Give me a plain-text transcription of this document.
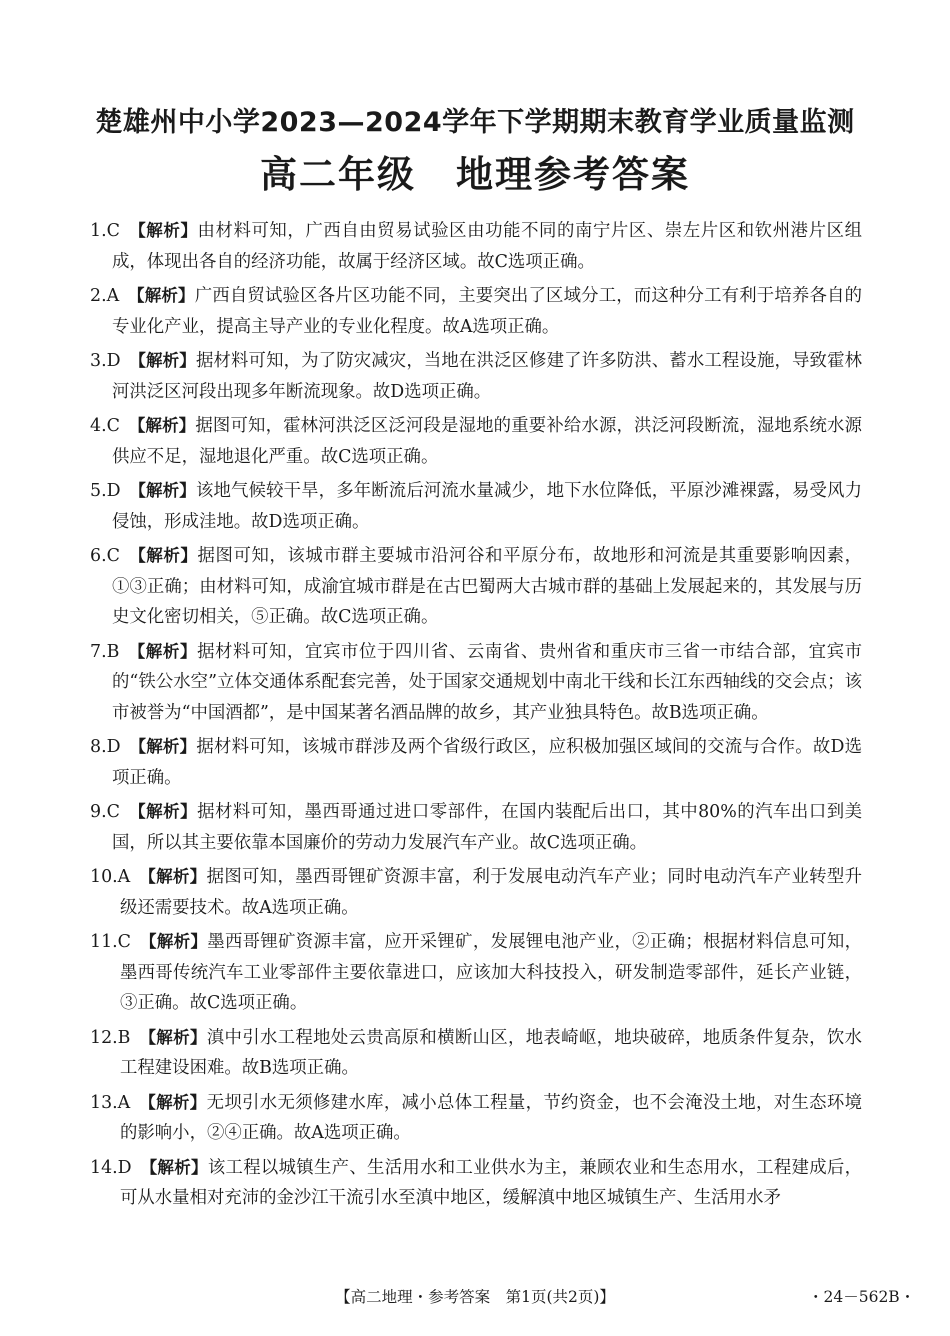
楚雄州中小学2023—2024学年下学期期末教育学业质量监测
高二年级 地理参考答案
1.C  【解析】由材料可知，广西自由贸易试验区由功能不同的南宁片区、崇左片区和钦州港片区组成，体现出各自的经济功能，故属于经济区域。故C选项正确。
2.A  【解析】广西自贸试验区各片区功能不同，主要突出了区域分工，而这种分工有利于培养各自的专业化产业，提高主导产业的专业化程度。故A选项正确。
3.D  【解析】据材料可知，为了防灾减灾，当地在洪泛区修建了许多防洪、蓄水工程设施，导致霍林河洪泛区河段出现多年断流现象。故D选项正确。
4.C  【解析】据图可知，霍林河洪泛区泛河段是湿地的重要补给水源，洪泛河段断流，湿地系统水源供应不足，湿地退化严重。故C选项正确。
5.D  【解析】该地气候较干旱，多年断流后河流水量减少，地下水位降低，平原沙滩裸露，易受风力侵蚀，形成洼地。故D选项正确。
6.C  【解析】据图可知，该城市群主要城市沿河谷和平原分布，故地形和河流是其重要影响因素，①③正确；由材料可知，成渝宜城市群是在古巴蜀两大古城市群的基础上发展起来的，其发展与历史文化密切相关，⑤正确。故C选项正确。
7.B  【解析】据材料可知，宜宾市位于四川省、云南省、贵州省和重庆市三省一市结合部，宜宾市的“铁公水空”立体交通体系配套完善，处于国家交通规划中南北干线和长江东西轴线的交会点；该市被誉为“中国酒都”，是中国某著名酒品牌的故乡，其产业独具特色。故B选项正确。
8.D  【解析】据材料可知，该城市群涉及两个省级行政区，应积极加强区域间的交流与合作。故D选项正确。
9.C  【解析】据材料可知，墨西哥通过进口零部件，在国内装配后出口，其中80%的汽车出口到美国，所以其主要依靠本国廉价的劳动力发展汽车产业。故C选项正确。
10.A  【解析】据图可知，墨西哥锂矿资源丰富，利于发展电动汽车产业；同时电动汽车产业转型升级还需要技术。故A选项正确。
11.C  【解析】墨西哥锂矿资源丰富，应开采锂矿，发展锂电池产业，②正确；根据材料信息可知，墨西哥传统汽车工业零部件主要依靠进口，应该加大科技投入，研发制造零部件，延长产业链，③正确。故C选项正确。
12.B  【解析】滇中引水工程地处云贵高原和横断山区，地表崎岖，地块破碎，地质条件复杂，饮水工程建设困难。故B选项正确。
13.A  【解析】无坝引水无须修建水库，减小总体工程量，节约资金，也不会淹没土地，对生态环境的影响小，②④正确。故A选项正确。
14.D  【解析】该工程以城镇生产、生活用水和工业供水为主，兼顾农业和生态用水，工程建成后，可从水量相对充沛的金沙江干流引水至滇中地区，缓解滇中地区城镇生产、生活用水矛
【高二地理・参考答案　第1页(共2页)】	・24－562B・
